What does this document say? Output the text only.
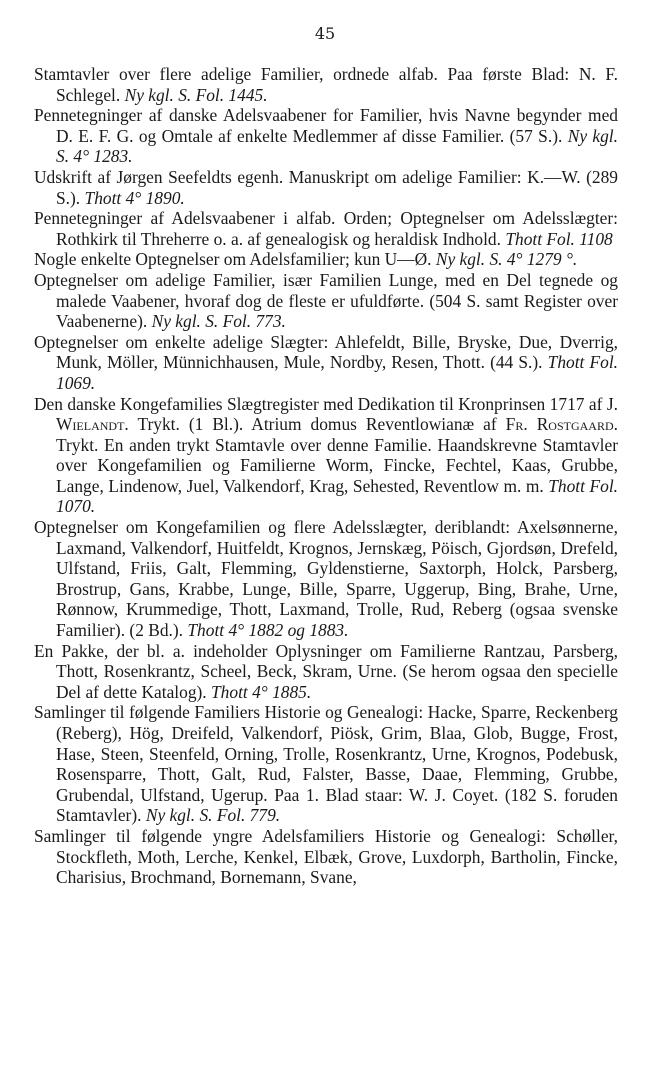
45

Stamtavler over flere adelige Familier, ordnede alfab. Paa første Blad: N. F. Schlegel. Ny kgl. S. Fol. 1445.

Pennetegninger af danske Adelsvaabener for Familier, hvis Navne begynder med D. E. F. G. og Omtale af enkelte Medlemmer af disse Familier. (57 S.). Ny kgl. S. 4° 1283.

Udskrift af Jørgen Seefeldts egenh. Manuskript om adelige Familier: K.—W. (289 S.). Thott 4° 1890.

Pennetegninger af Adelsvaabener i alfab. Orden; Optegnelser om Adelsslægter: Rothkirk til Threherre o. a. af genealogisk og heraldisk Indhold. Thott Fol. 1108

Nogle enkelte Optegnelser om Adelsfamilier; kun U—Ø. Ny kgl. S. 4° 1279 °.

Optegnelser om adelige Familier, især Familien Lunge, med en Del tegnede og malede Vaabener, hvoraf dog de fleste er ufuldførte. (504 S. samt Register over Vaabenerne). Ny kgl. S. Fol. 773.

Optegnelser om enkelte adelige Slægter: Ahlefeldt, Bille, Bryske, Due, Dverrig, Munk, Möller, Münnichhausen, Mule, Nordby, Resen, Thott. (44 S.). Thott Fol. 1069.

Den danske Kongefamilies Slægtregister med Dedikation til Kronprinsen 1717 af J. Wielandt. Trykt. (1 Bl.). Atrium domus Reventlowianæ af Fr. Rostgaard. Trykt. En anden trykt Stamtavle over denne Familie. Haandskrevne Stamtavler over Kongefamilien og Familierne Worm, Fincke, Fechtel, Kaas, Grubbe, Lange, Lindenow, Juel, Valkendorf, Krag, Sehested, Reventlow m. m. Thott Fol. 1070.

Optegnelser om Kongefamilien og flere Adelsslægter, deriblandt: Axelsønnerne, Laxmand, Valkendorf, Huitfeldt, Krognos, Jernskæg, Pöisch, Gjordsøn, Drefeld, Ulfstand, Friis, Galt, Flemming, Gyldenstierne, Saxtorph, Holck, Parsberg, Brostrup, Gans, Krabbe, Lunge, Bille, Sparre, Uggerup, Bing, Brahe, Urne, Rønnow, Krummedige, Thott, Laxmand, Trolle, Rud, Reberg (ogsaa svenske Familier). (2 Bd.). Thott 4° 1882 og 1883.

En Pakke, der bl. a. indeholder Oplysninger om Familierne Rantzau, Parsberg, Thott, Rosenkrantz, Scheel, Beck, Skram, Urne. (Se herom ogsaa den specielle Del af dette Katalog). Thott 4° 1885.

Samlinger til følgende Familiers Historie og Genealogi: Hacke, Sparre, Reckenberg (Reberg), Hög, Dreifeld, Valkendorf, Piösk, Grim, Blaa, Glob, Bugge, Frost, Hase, Steen, Steenfeld, Orning, Trolle, Rosenkrantz, Urne, Krognos, Podebusk, Rosensparre, Thott, Galt, Rud, Falster, Basse, Daae, Flemming, Grubbe, Grubendal, Ulfstand, Ugerup. Paa 1. Blad staar: W. J. Coyet. (182 S. foruden Stamtavler). Ny kgl. S. Fol. 779.

Samlinger til følgende yngre Adelsfamiliers Historie og Genealogi: Schøller, Stockfleth, Moth, Lerche, Kenkel, Elbæk, Grove, Luxdorph, Bartholin, Fincke, Charisius, Brochmand, Bornemann, Svane,
